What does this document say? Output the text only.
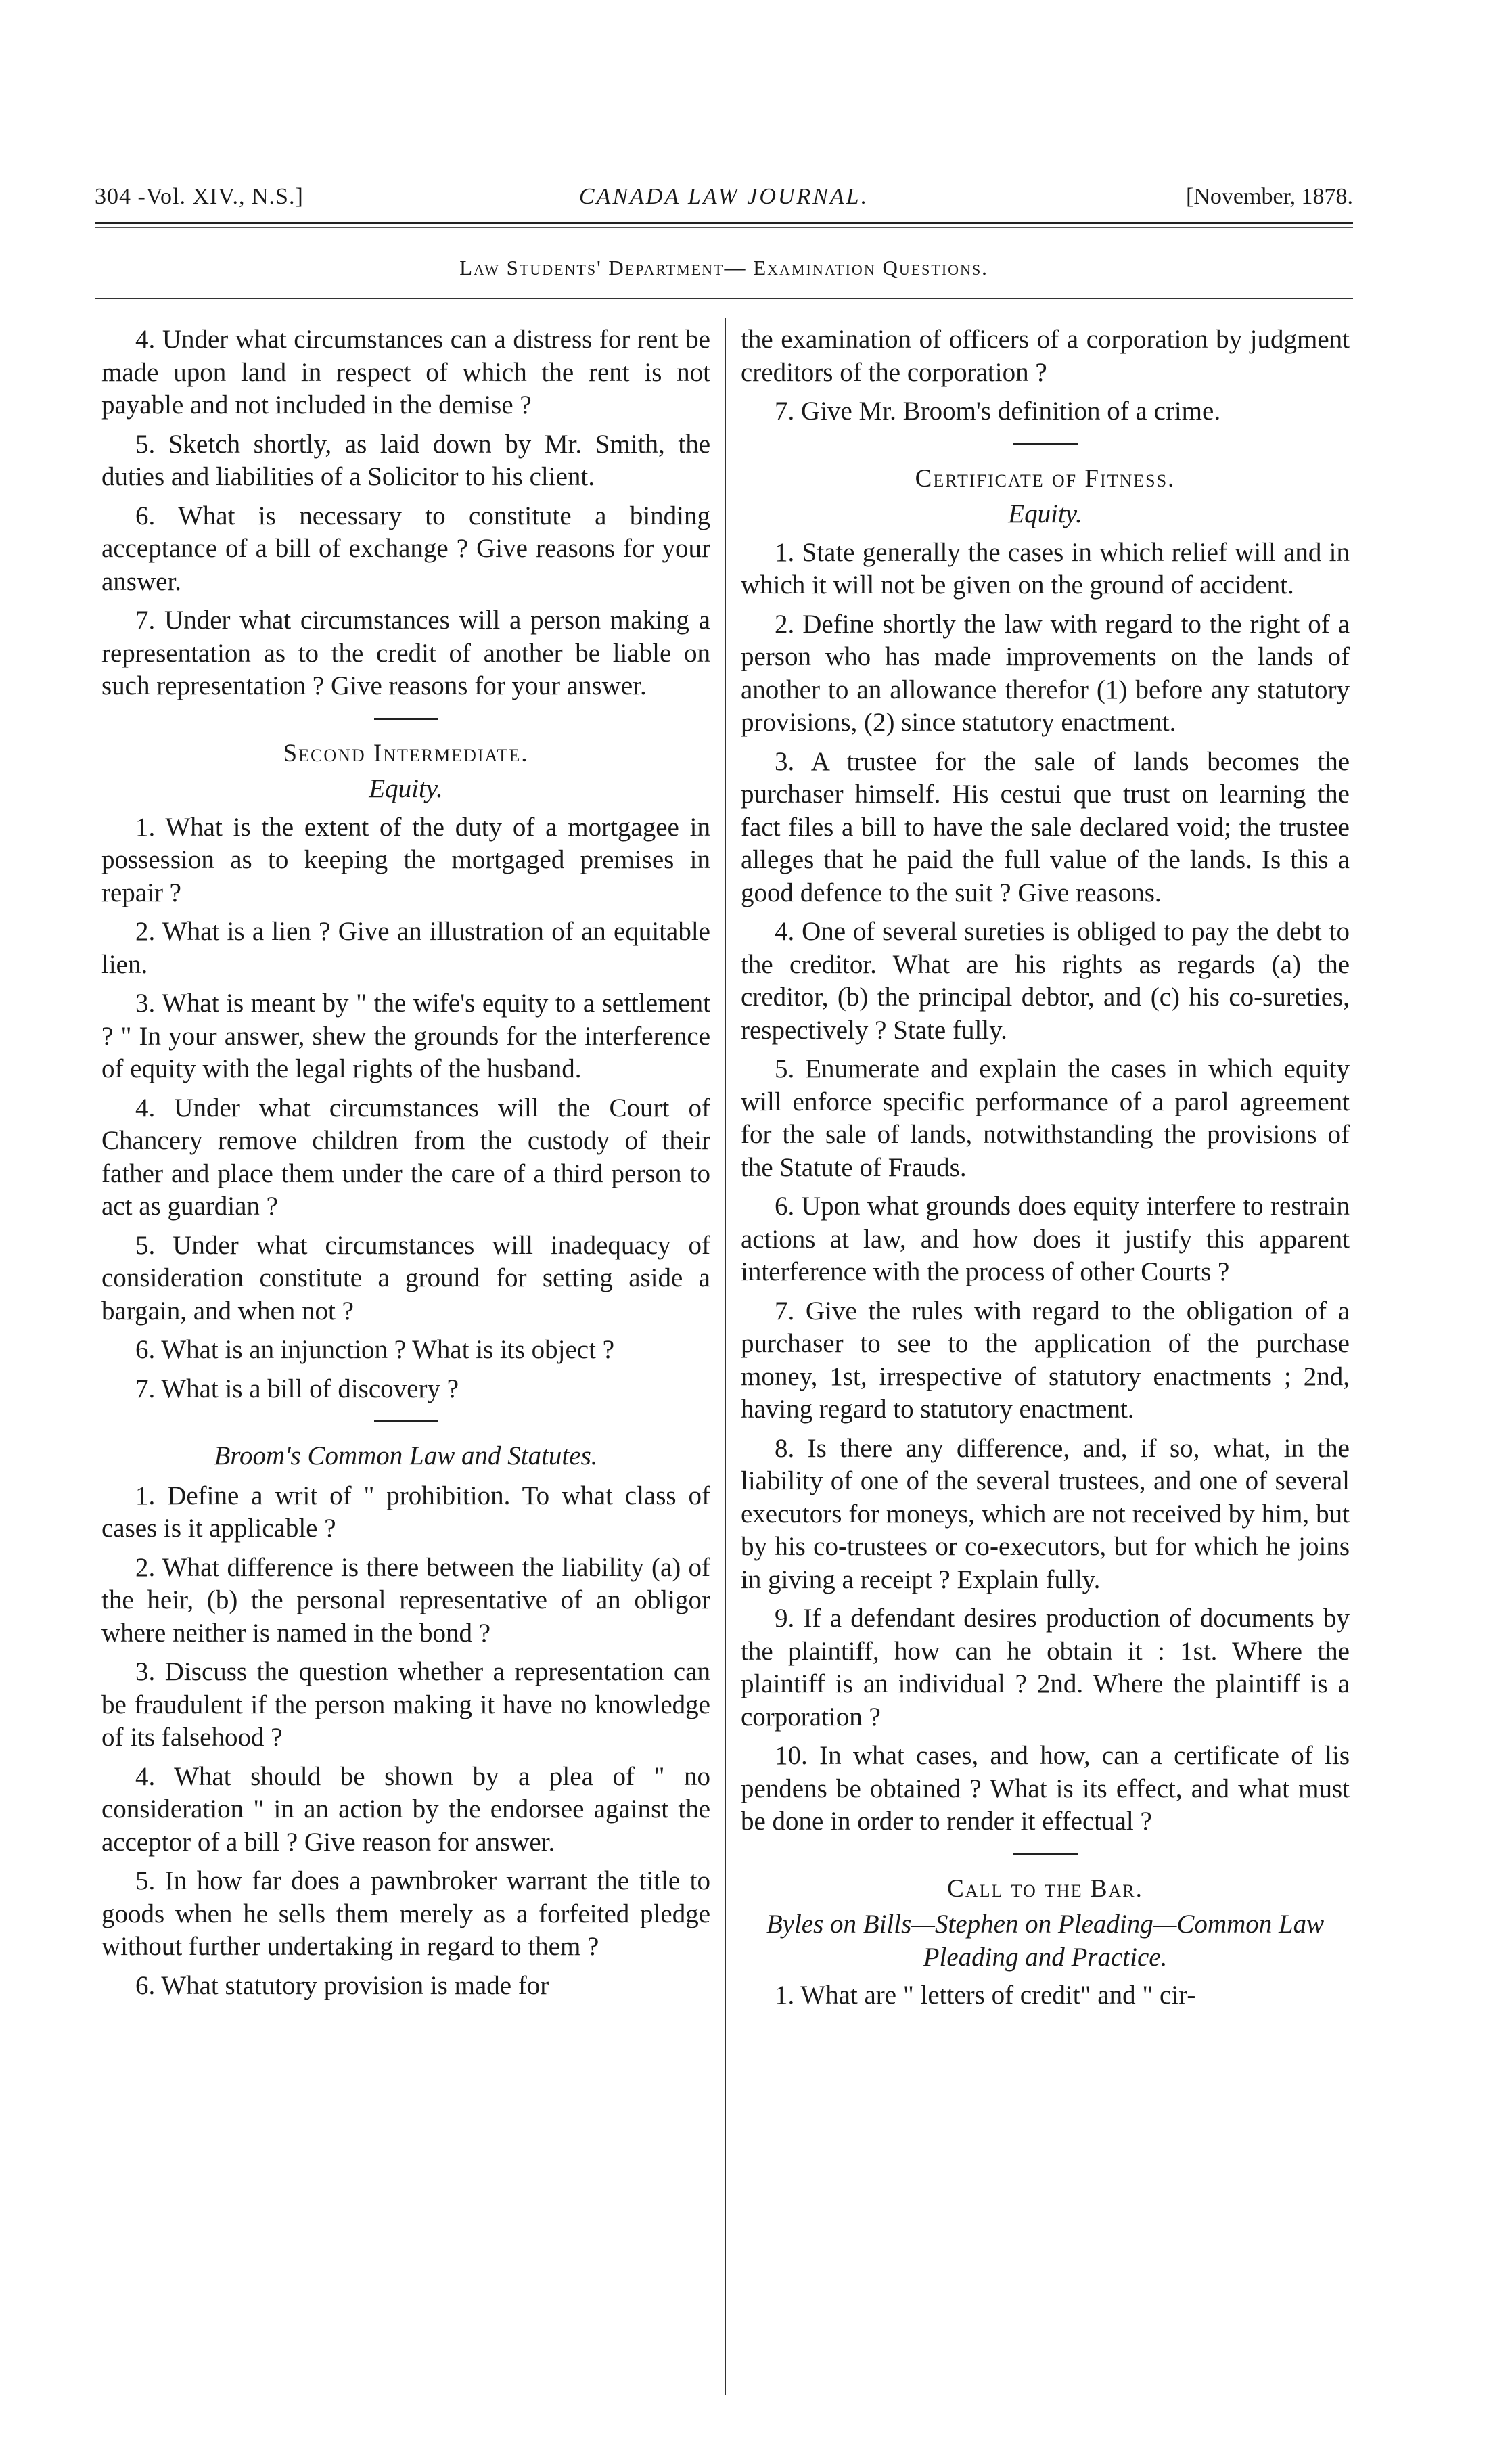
304 -Vol. XIV., N.S.]	CANADA LAW JOURNAL.	[November, 1878.
Law Students' Department— Examination Questions.

4. Under what circumstances can a distress for rent be made upon land in respect of which the rent is not payable and not included in the demise ?

5. Sketch shortly, as laid down by Mr. Smith, the duties and liabilities of a Solicitor to his client.

6. What is necessary to constitute a binding acceptance of a bill of exchange ? Give reasons for your answer.

7. Under what circumstances will a person making a representation as to the credit of another be liable on such representation ? Give reasons for your answer.

Second Intermediate.
Equity.

1. What is the extent of the duty of a mortgagee in possession as to keeping the mortgaged premises in repair ?

2. What is a lien ? Give an illustration of an equitable lien.

3. What is meant by " the wife's equity to a settlement ? " In your answer, shew the grounds for the interference of equity with the legal rights of the husband.

4. Under what circumstances will the Court of Chancery remove children from the custody of their father and place them under the care of a third person to act as guardian ?

5. Under what circumstances will inadequacy of consideration constitute a ground for setting aside a bargain, and when not ?

6. What is an injunction ? What is its object ?

7. What is a bill of discovery ?

Broom's Common Law and Statutes.

1. Define a writ of " prohibition. To what class of cases is it applicable ?

2. What difference is there between the liability (a) of the heir, (b) the personal representative of an obligor where neither is named in the bond ?

3. Discuss the question whether a representation can be fraudulent if the person making it have no knowledge of its falsehood ?

4. What should be shown by a plea of " no consideration " in an action by the endorsee against the acceptor of a bill ? Give reason for answer.

5. In how far does a pawnbroker warrant the title to goods when he sells them merely as a forfeited pledge without further undertaking in regard to them ?

6. What statutory provision is made for

the examination of officers of a corporation by judgment creditors of the corporation ?

7. Give Mr. Broom's definition of a crime.

Certificate of Fitness.
Equity.

1. State generally the cases in which relief will and in which it will not be given on the ground of accident.

2. Define shortly the law with regard to the right of a person who has made improvements on the lands of another to an allowance therefor (1) before any statutory provisions, (2) since statutory enactment.

3. A trustee for the sale of lands becomes the purchaser himself. His cestui que trust on learning the fact files a bill to have the sale declared void; the trustee alleges that he paid the full value of the lands. Is this a good defence to the suit ? Give reasons.

4. One of several sureties is obliged to pay the debt to the creditor. What are his rights as regards (a) the creditor, (b) the principal debtor, and (c) his co-sureties, respectively ? State fully.

5. Enumerate and explain the cases in which equity will enforce specific performance of a parol agreement for the sale of lands, notwithstanding the provisions of the Statute of Frauds.

6. Upon what grounds does equity interfere to restrain actions at law, and how does it justify this apparent interference with the process of other Courts ?

7. Give the rules with regard to the obligation of a purchaser to see to the application of the purchase money, 1st, irrespective of statutory enactments ; 2nd, having regard to statutory enactment.

8. Is there any difference, and, if so, what, in the liability of one of the several trustees, and one of several executors for moneys, which are not received by him, but by his co-trustees or co-executors, but for which he joins in giving a receipt ? Explain fully.

9. If a defendant desires production of documents by the plaintiff, how can he obtain it : 1st. Where the plaintiff is an individual ? 2nd. Where the plaintiff is a corporation ?

10. In what cases, and how, can a certificate of lis pendens be obtained ? What is its effect, and what must be done in order to render it effectual ?

Call to the Bar.
Byles on Bills—Stephen on Pleading—Common Law Pleading and Practice.

1. What are " letters of credit" and " cir-
